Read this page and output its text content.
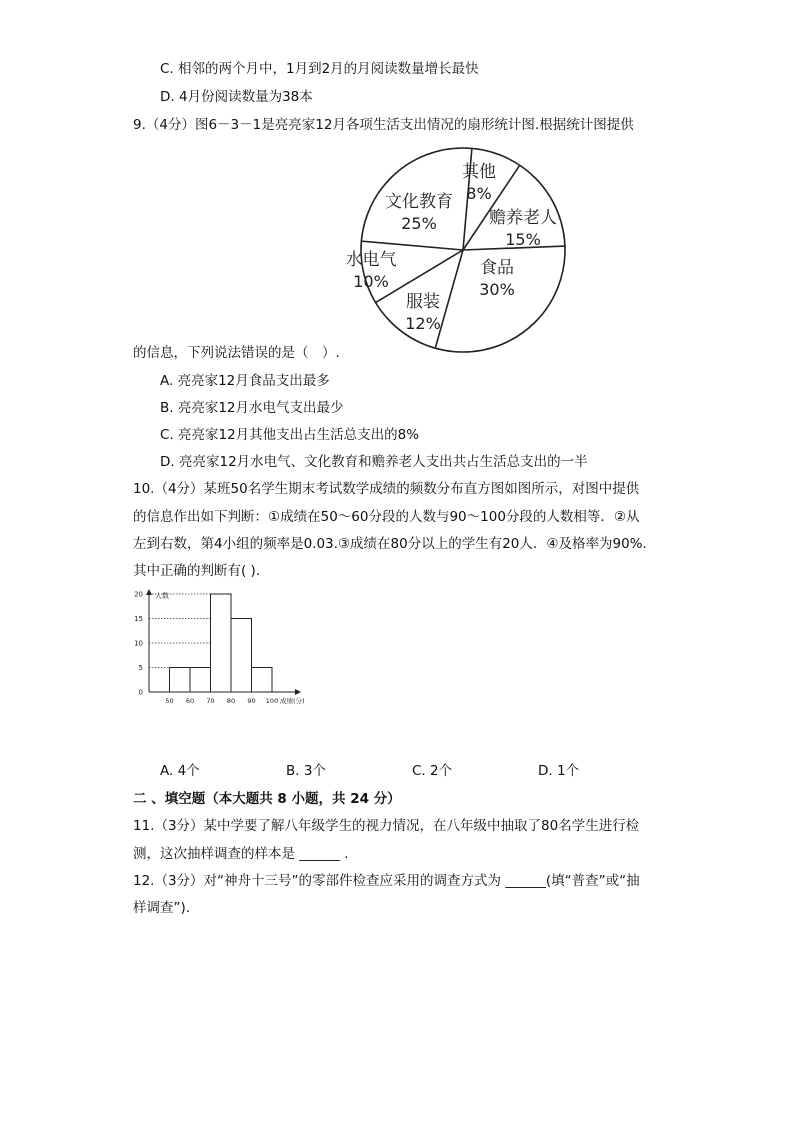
C. 相邻的两个月中，1月到2月的月阅读数量增长最快
D. 4月份阅读数量为38本
9.（4分）图6－3－1是亮亮家12月各项生活支出情况的扇形统计图.根据统计图提供
其他
8%
赡养老人
15%
食品
30%
服装
12%
水电气
10%
文化教育
25%
的信息，下列说法错误的是（　）.
A. 亮亮家12月食品支出最多
B. 亮亮家12月水电气支出最少
C. 亮亮家12月其他支出占生活总支出的8%
D. 亮亮家12月水电气、文化教育和赡养老人支出共占生活总支出的一半
10.（4分）某班50名学生期末考试数学成绩的频数分布直方图如图所示，对图中提供
的信息作出如下判断：①成绩在50～60分段的人数与90～100分段的人数相等．②从
左到右数，第4小组的频率是0.03.③成绩在80分以上的学生有20人．④及格率为90%.
其中正确的判断有( ).
人数
0
5
10
15
20
50 60 70 80 90 100 成绩(分)
A. 4个	B. 3个	C. 2个	D. 1个
二 、填空题（本大题共 8 小题，共 24 分）
11.（3分）某中学要了解八年级学生的视力情况，在八年级中抽取了80名学生进行检
测，这次抽样调查的样本是 ______ .
12.（3分）对“神舟十三号”的零部件检查应采用的调查方式为 ______(填“普查”或“抽
样调查”).
